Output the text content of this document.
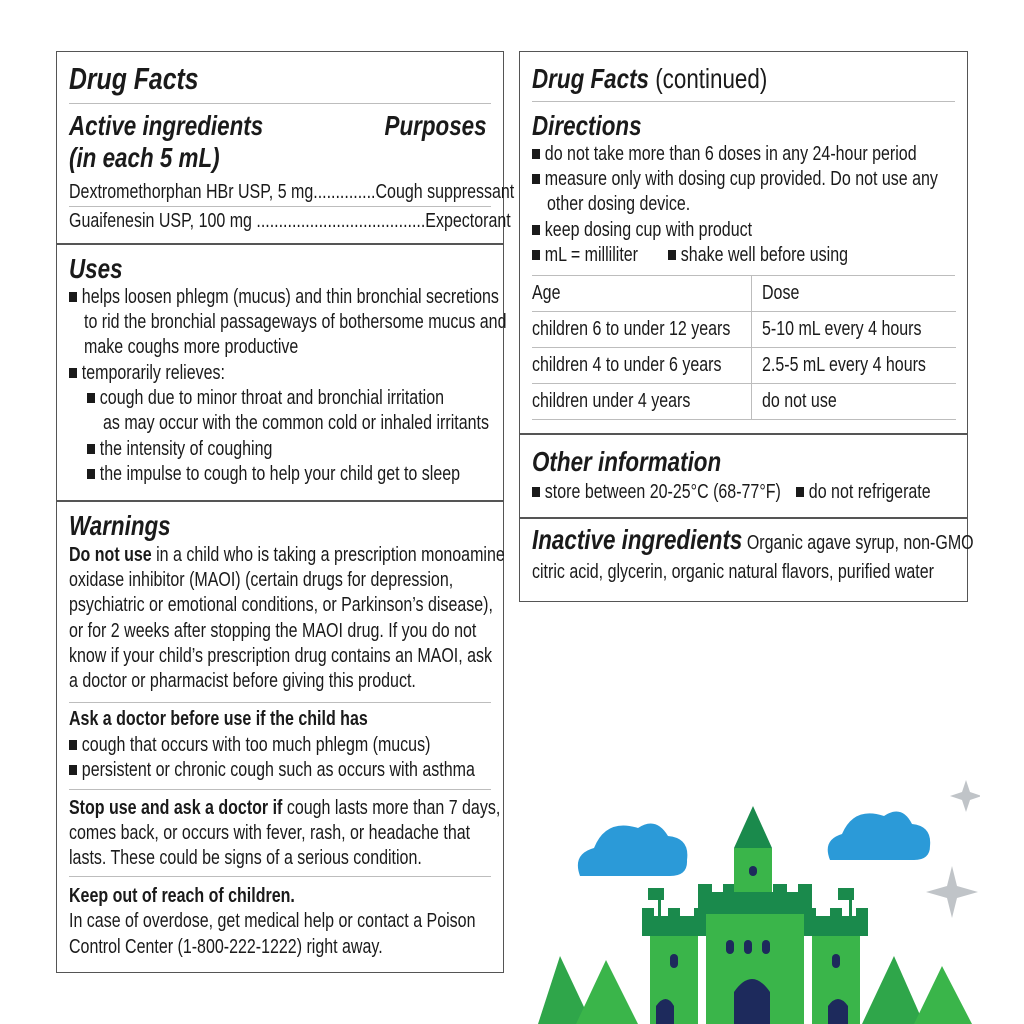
Drug Facts
Active ingredients
(in each 5 mL)
Purposes
Dextromethorphan HBr USP, 5 mg..............Cough suppressant
Guaifenesin USP, 100 mg ......................................Expectorant
Uses
helps loosen phlegm (mucus) and thin bronchial secretions
to rid the bronchial passageways of bothersome mucus and
make coughs more productive
temporarily relieves:
cough due to minor throat and bronchial irritation
as may occur with the common cold or inhaled irritants
the intensity of coughing
the impulse to cough to help your child get to sleep
Warnings
Do not use in a child who is taking a prescription monoamine
oxidase inhibitor (MAOI) (certain drugs for depression,
psychiatric or emotional conditions, or Parkinson’s disease),
or for 2 weeks after stopping the MAOI drug. If you do not
know if your child’s prescription drug contains an MAOI, ask
a doctor or pharmacist before giving this product.
Ask a doctor before use if the child has
cough that occurs with too much phlegm (mucus)
persistent or chronic cough such as occurs with asthma
Stop use and ask a doctor if cough lasts more than 7 days,
comes back, or occurs with fever, rash, or headache that
lasts. These could be signs of a serious condition.
Keep out of reach of children.
In case of overdose, get medical help or contact a Poison
Control Center (1-800-222-1222) right away.
Drug Facts (continued)
Directions
do not take more than 6 doses in any 24-hour period
measure only with dosing cup provided. Do not use any
other dosing device.
keep dosing cup with product
mL = milliliter	shake well before using
Age	Dose
children 6 to under 12 years 5-10 mL every 4 hours
children 4 to under 6 years 2.5-5 mL every 4 hours
children under 4 years	do not use
Other information
store between 20-25°C (68-77°F)	do not refrigerate
Inactive ingredients Organic agave syrup, non-GMO
citric acid, glycerin, organic natural flavors, purified water
